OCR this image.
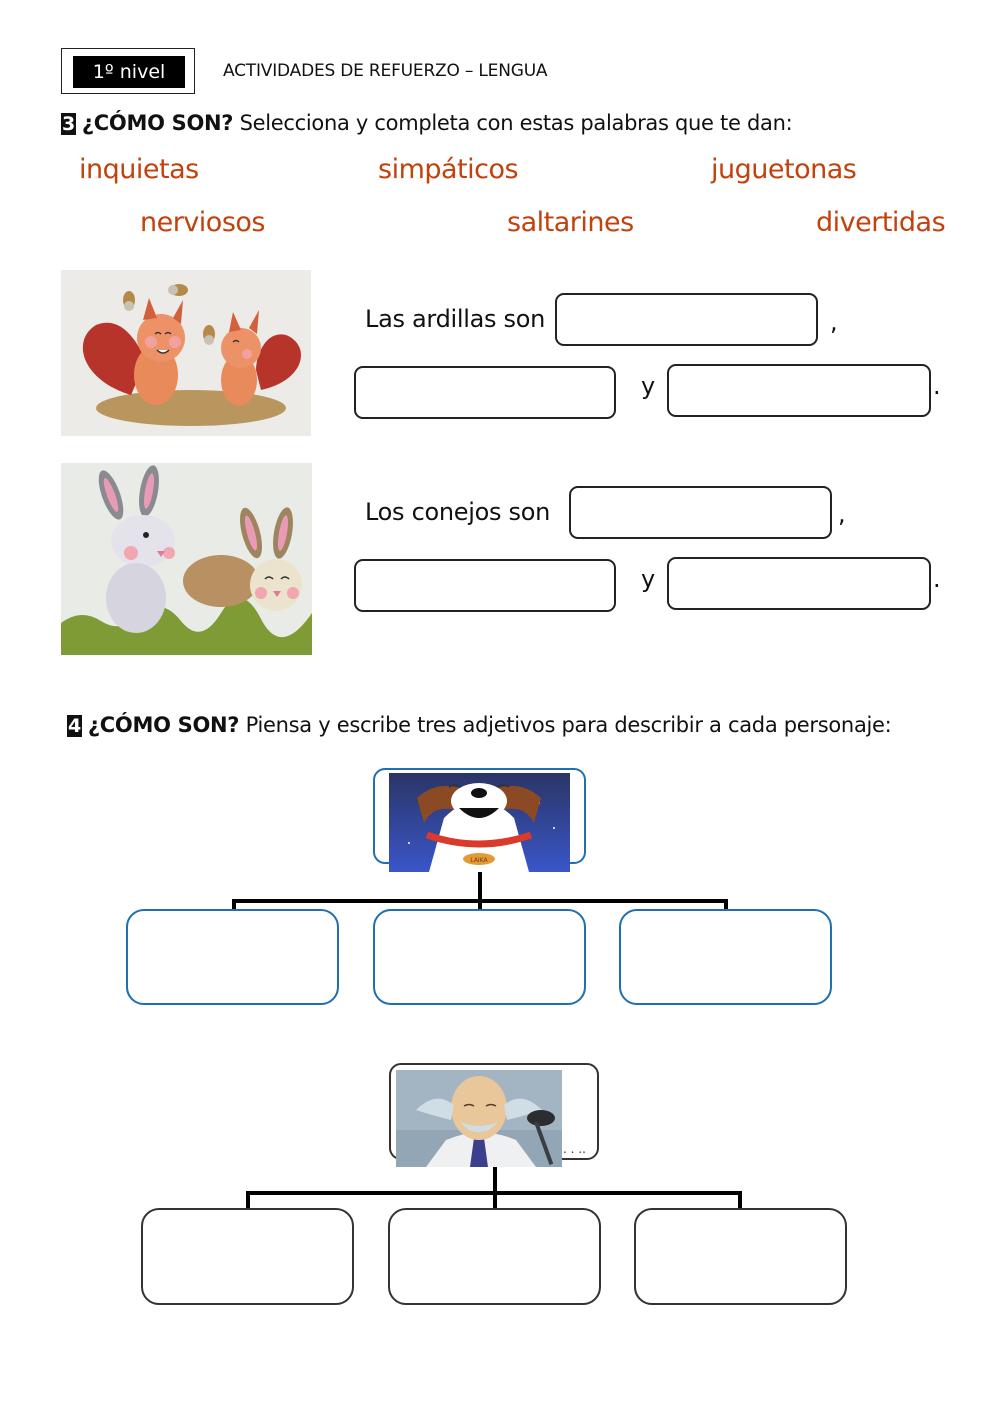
1º nivel	ACTIVIDADES DE REFUERZO – LENGUA
3 ¿CÓMO SON? Selecciona y completa con estas palabras que te dan:
inquietas	simpáticos	juguetonas
nerviosos	saltarines	divertidas
Las ardillas son	,
y	.
Los conejos son	,
y	.
4 ¿CÓMO SON? Piensa y escribe tres adjetivos para describir a cada personaje:
LAIKA
. . ..
